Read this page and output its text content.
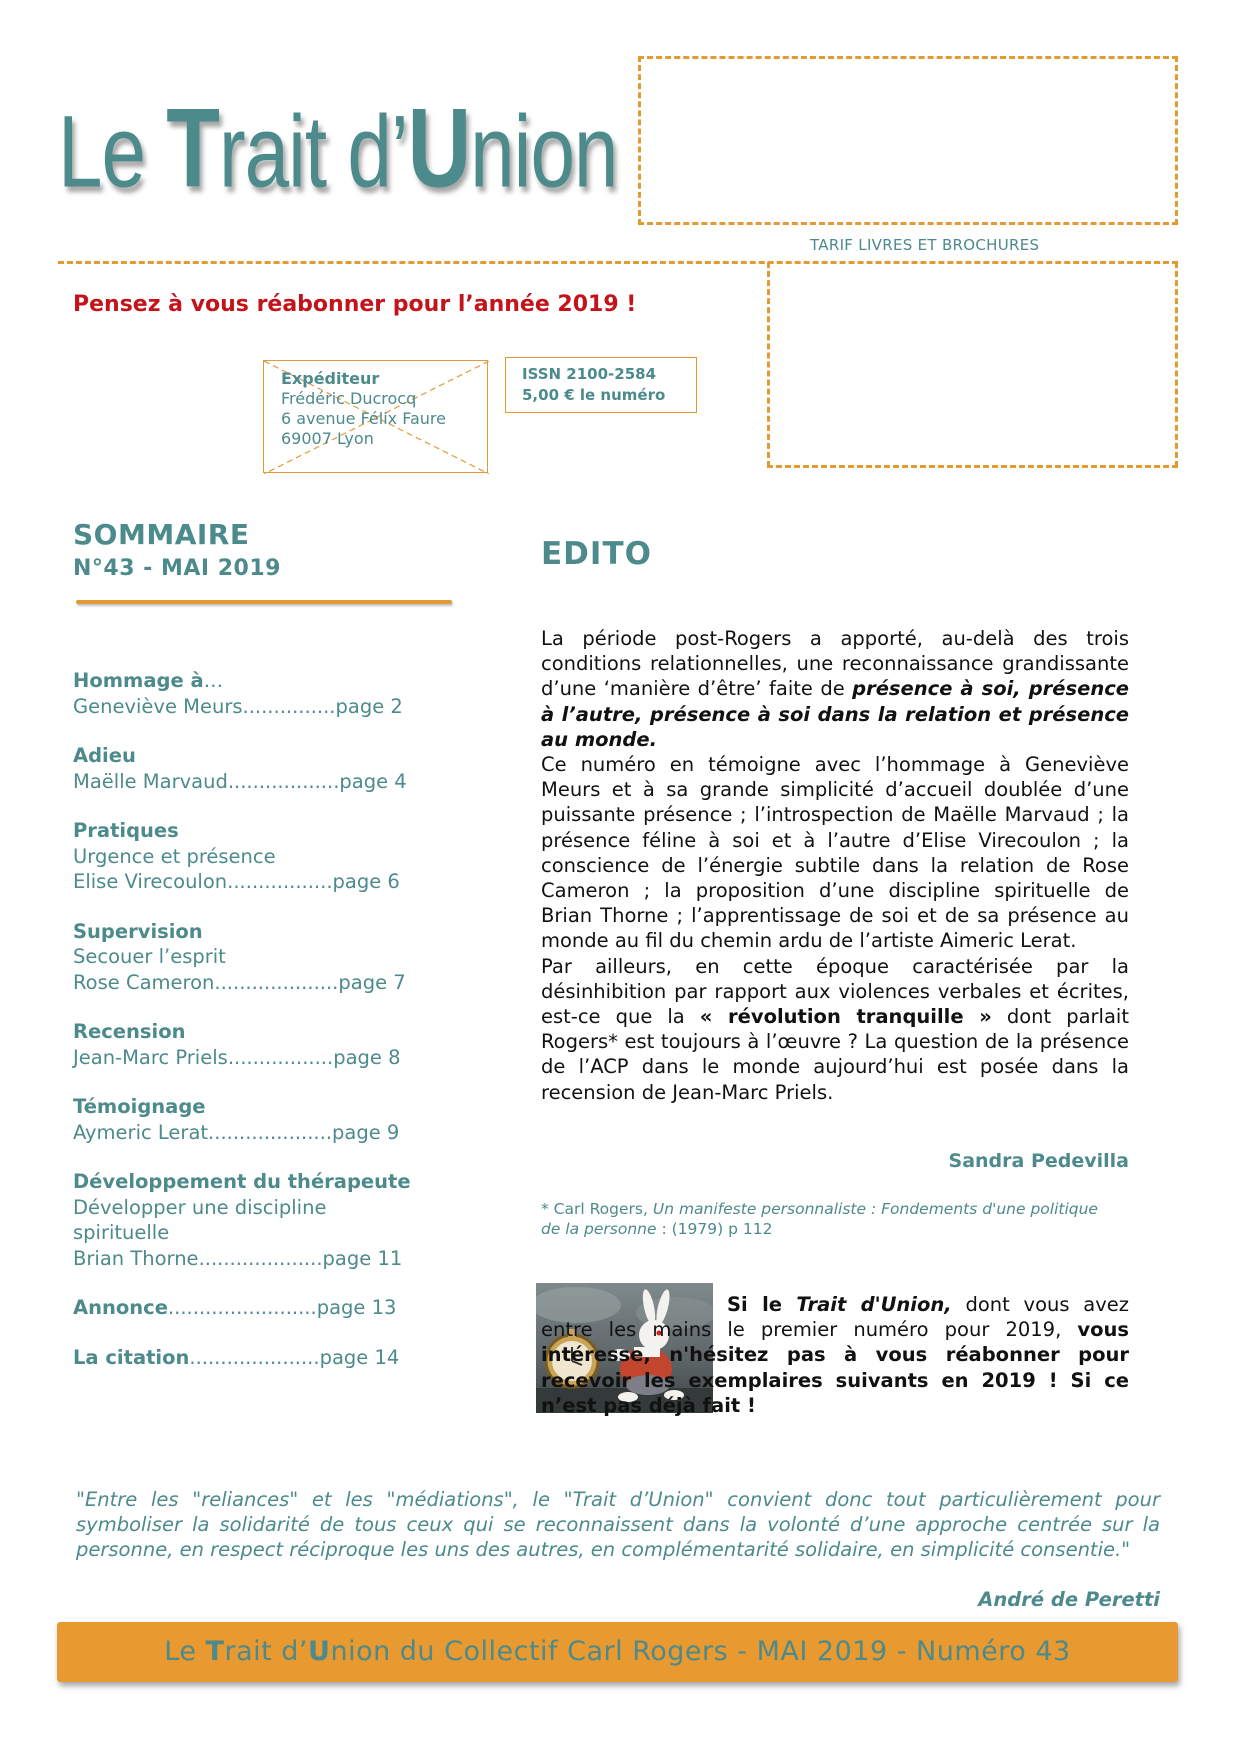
Le Trait d’Union
TARIF LIVRES ET BROCHURES
Pensez à vous réabonner pour l’année 2019 !
Expéditeur
Frédéric Ducrocq
6 avenue Félix Faure
69007 Lyon
ISSN 2100-2584
5,00 € le numéro
SOMMAIRE
N°43 - MAI 2019
Hommage à…
Geneviève Meurs...............page 2
Adieu
Maëlle Marvaud..................page 4
Pratiques
Urgence et présence
Elise Virecoulon.................page 6
Supervision
Secouer l’esprit
Rose Cameron....................page 7
Recension
Jean-Marc Priels.................page 8
Témoignage
Aymeric Lerat....................page 9
Développement du thérapeute
Développer une discipline
spirituelle
Brian Thorne....................page 11
Annonce........................page 13
La citation.....................page 14
EDITO

La période post-Rogers a apporté, au-delà des trois conditions relationnelles, une reconnaissance grandissante d’une ‘manière d’être’ faite de présence à soi, présence à l’autre, présence à soi dans la relation et présence au monde.

Ce numéro en témoigne avec l’hommage à Geneviève Meurs et à sa grande simplicité d’accueil doublée d’une puissante présence ; l’introspection de Maëlle Marvaud ; la présence féline à soi et à l’autre d’Elise Virecoulon ; la conscience de l’énergie subtile dans la relation de Rose Cameron ; la proposition d’une discipline spirituelle de Brian Thorne ; l’apprentissage de soi et de sa présence au monde au fil du chemin ardu de l’artiste Aimeric Lerat.

Par ailleurs, en cette époque caractérisée par la désinhibition par rapport aux violences verbales et écrites, est-ce que la « révolution tranquille » dont parlait Rogers* est toujours à l’œuvre ? La question de la présence de l’ACP dans le monde aujourd’hui est posée dans la recension de Jean-Marc Priels.

Sandra Pedevilla
* Carl Rogers, Un manifeste personnaliste : Fondements d'une politique de la personne : (1979) p 112
Si le Trait d'Union, dont vous avez entre les mains le premier numéro pour 2019, vous intéresse, n'hésitez pas à vous réabonner pour recevoir les exemplaires suivants en 2019 ! Si ce n’est pas déjà fait !
"Entre les "reliances" et les "médiations", le "Trait d’Union" convient donc tout particulièrement pour symboliser la solidarité de tous ceux qui se reconnaissent dans la volonté d’une approche centrée sur la personne, en respect réciproque les uns des autres, en complémentarité solidaire, en simplicité consentie."
André de Peretti
Le Trait d’Union du Collectif Carl Rogers - MAI 2019 - Numéro 43
